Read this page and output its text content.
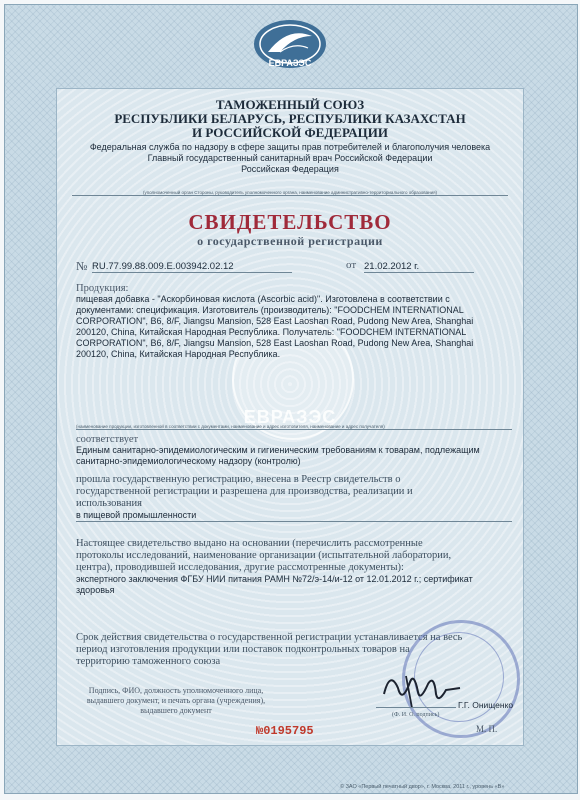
ЕВРАЗЭС
ЕВРАЗЭС
ТАМОЖЕННЫЙ СОЮЗ
РЕСПУБЛИКИ БЕЛАРУСЬ, РЕСПУБЛИКИ КАЗАХСТАН
И РОССИЙСКОЙ ФЕДЕРАЦИИ
Федеральная служба по надзору в сфере защиты прав потребителей и благополучия человека
Главный государственный санитарный врач Российской Федерации
Российская Федерация
(уполномоченный орган Стороны, руководитель уполномоченного органа, наименование административно-территориального образования)
СВИДЕТЕЛЬСТВО
о государственной регистрации
№ RU.77.99.88.009.Е.003942.02.12	от 21.02.2012 г.
Продукция:
пищевая добавка - "Аскорбиновая кислота (Ascorbic acid)". Изготовлена в соответствии с
документами: спецификация. Изготовитель (производитель): "FOODCHEM INTERNATIONAL
CORPORATION", B6, 8/F, Jiangsu Mansion, 528 East Laoshan Road, Pudong New Area, Shanghai
200120, China, Китайская Народная Республика. Получатель: "FOODCHEM INTERNATIONAL
CORPORATION", B6, 8/F, Jiangsu Mansion, 528 East Laoshan Road, Pudong New Area, Shanghai
200120, China, Китайская Народная Республика.
(наименование продукции, изготовленной в соответствии с документами, наименование и адрес изготовителя, наименование и адрес получателя)
соответствует
Единым санитарно-эпидемиологическим и гигиеническим требованиям к товарам, подлежащим
санитарно-эпидемиологическому надзору (контролю)
прошла государственную регистрацию, внесена в Реестр свидетельств о
государственной регистрации и разрешена для производства, реализации и
использования
в пищевой промышленности
Настоящее свидетельство выдано на основании (перечислить рассмотренные
протоколы исследований, наименование организации (испытательной лаборатории,
центра), проводившей исследования, другие рассмотренные документы):
экспертного заключения ФГБУ НИИ питания РАМН №72/э-14/и-12 от 12.01.2012 г.; сертификат
здоровья
Срок действия свидетельства о государственной регистрации устанавливается на весь
период изготовления продукции или поставок подконтрольных товаров на
территорию таможенного союза
Подпись, ФИО, должность уполномоченного лица,
выдавшего документ, и печать органа (учреждения),
выдавшего документ
Г.Г. Онищенко
(Ф. И. О. подпись)
М. П.
№0195795
© ЗАО «Первый печатный двор», г. Москва, 2011 г., уровень «В»
